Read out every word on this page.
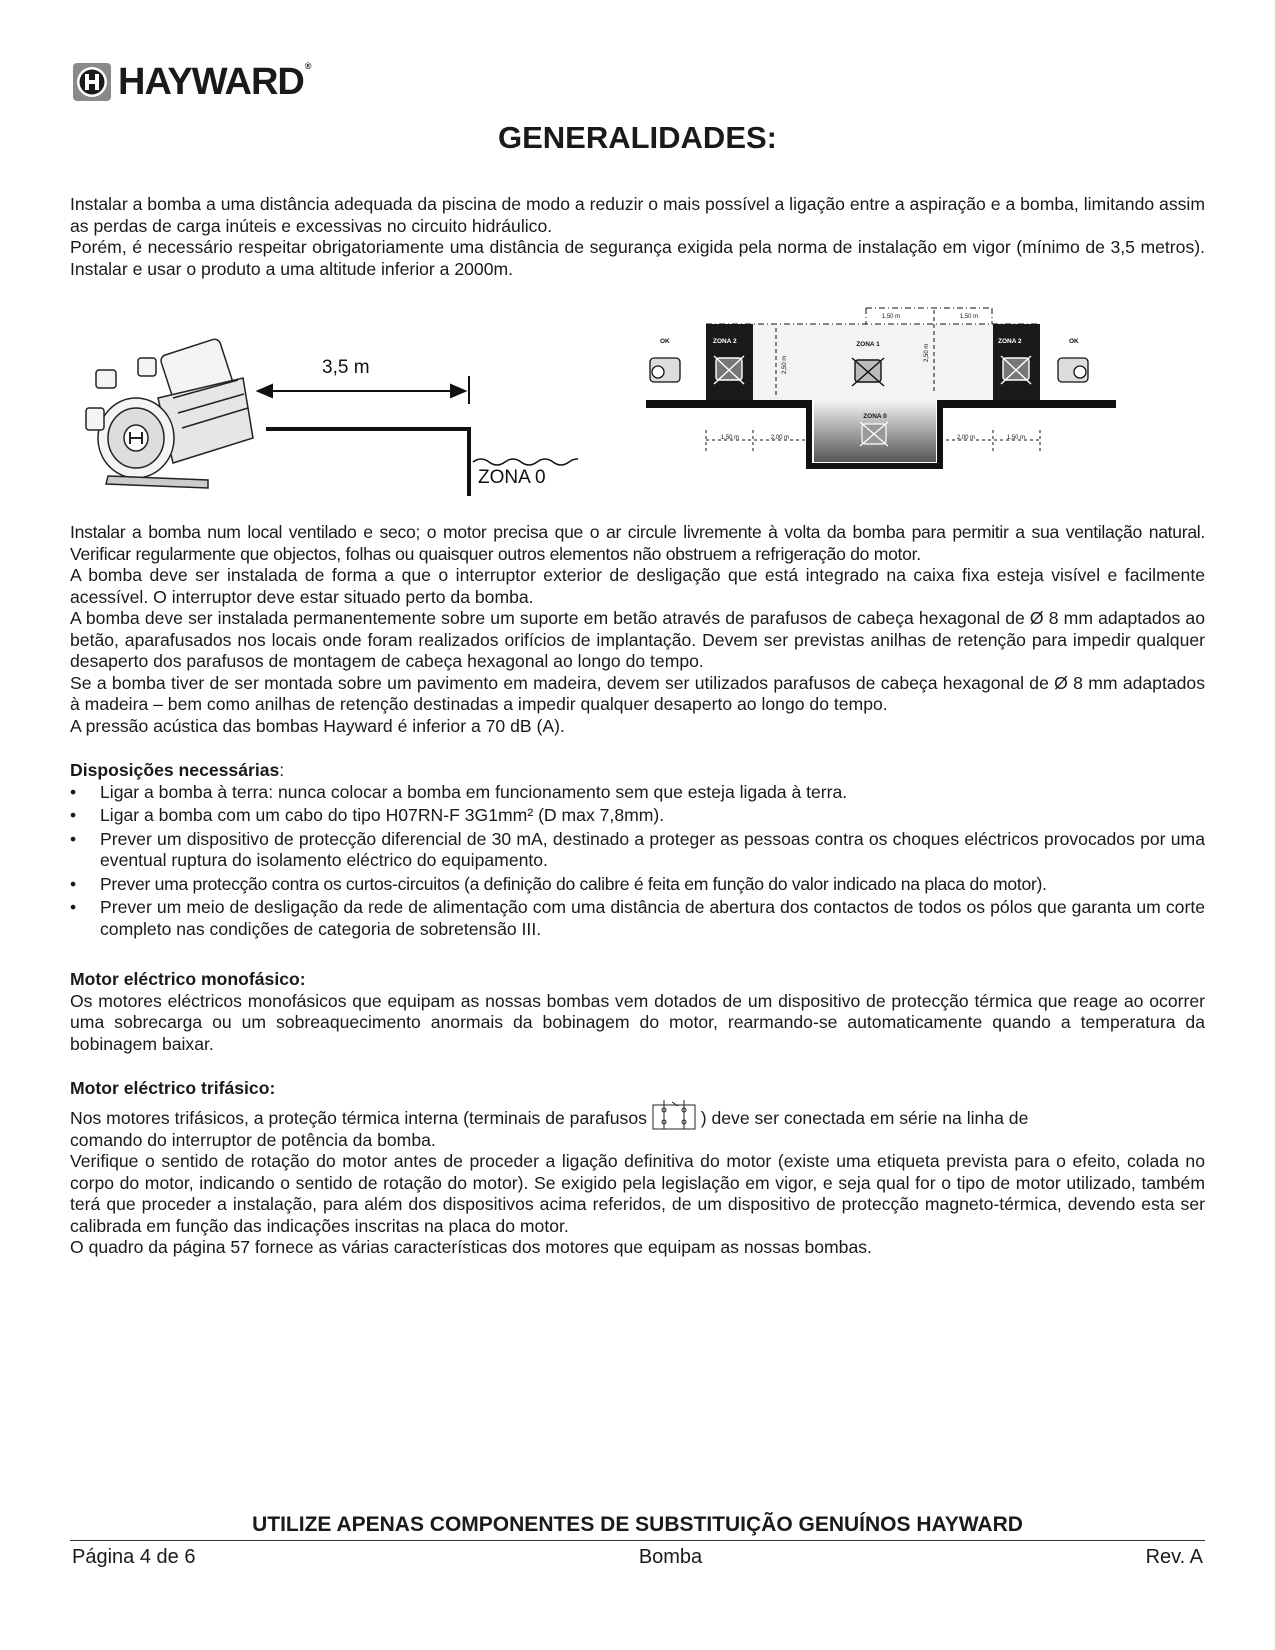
HAYWARD®
GENERALIDADES:

Instalar a bomba a uma distância adequada da piscina de modo a reduzir o mais possível a ligação entre a aspiração e a bomba, limitando assim as perdas de carga inúteis e excessivas no circuito hidráulico.

Porém, é necessário respeitar obrigatoriamente uma distância de segurança exigida pela norma de instalação em vigor (mínimo de 3,5 metros). Instalar e usar o produto a uma altitude inferior a 2000m.

3,5 m
ZONA 0
ZONA 0
ZONA 2	ZONA 2
ZONA 1
OK	OK
1,50 m	1,50 m
2,50 m
2,50 m
1,50 m	2,00 m	2,00 m	1,50 m

Instalar a bomba num local ventilado e seco; o motor precisa que o ar circule livremente à volta da bomba para permitir a sua ventilação natural. Verificar regularmente que objectos, folhas ou quaisquer outros elementos não obstruem a refrigeração do motor.

A bomba deve ser instalada de forma a que o interruptor exterior de desligação que está integrado na caixa fixa esteja visível e facilmente acessível. O interruptor deve estar situado perto da bomba.

A bomba deve ser instalada permanentemente sobre um suporte em betão através de parafusos de cabeça hexagonal de Ø 8 mm adaptados ao betão, aparafusados nos locais onde foram realizados orifícios de implantação. Devem ser previstas anilhas de retenção para impedir qualquer desaperto dos parafusos de montagem de cabeça hexagonal ao longo do tempo.

Se a bomba tiver de ser montada sobre um pavimento em madeira, devem ser utilizados parafusos de cabeça hexagonal de Ø 8 mm adaptados à madeira – bem como anilhas de retenção destinadas a impedir qualquer desaperto ao longo do tempo.

A pressão acústica das bombas Hayward é inferior a 70 dB (A).

Disposições necessárias:

• Ligar a bomba à terra: nunca colocar a bomba em funcionamento sem que esteja ligada à terra.
• Ligar a bomba com um cabo do tipo H07RN-F 3G1mm² (D max 7,8mm).
• Prever um dispositivo de protecção diferencial de 30 mA, destinado a proteger as pessoas contra os choques eléctricos provocados por uma eventual ruptura do isolamento eléctrico do equipamento.
• Prever uma protecção contra os curtos-circuitos (a definição do calibre é feita em função do valor indicado na placa do motor).
• Prever um meio de desligação da rede de alimentação com uma distância de abertura dos contactos de todos os pólos que garanta um corte completo nas condições de categoria de sobretensão III.

Motor eléctrico monofásico:

Os motores eléctricos monofásicos que equipam as nossas bombas vem dotados de um dispositivo de protecção térmica que reage ao ocorrer uma sobrecarga ou um sobreaquecimento anormais da bobinagem do motor, rearmando-se automaticamente quando a temperatura da bobinagem baixar.

Motor eléctrico trifásico:

Nos motores trifásicos, a proteção térmica interna (terminais de parafusos	) deve ser conectada em série na linha de

comando do interruptor de potência da bomba.

Verifique o sentido de rotação do motor antes de proceder a ligação definitiva do motor (existe uma etiqueta prevista para o efeito, colada no corpo do motor, indicando o sentido de rotação do motor). Se exigido pela legislação em vigor, e seja qual for o tipo de motor utilizado, também terá que proceder a instalação, para além dos dispositivos acima referidos, de um dispositivo de protecção magneto-térmica, devendo esta ser calibrada em função das indicações inscritas na placa do motor.

O quadro da página 57 fornece as várias características dos motores que equipam as nossas bombas.

UTILIZE APENAS COMPONENTES DE SUBSTITUIÇÃO GENUÍNOS HAYWARD
Página 4 de 6	Bomba	Rev. A
